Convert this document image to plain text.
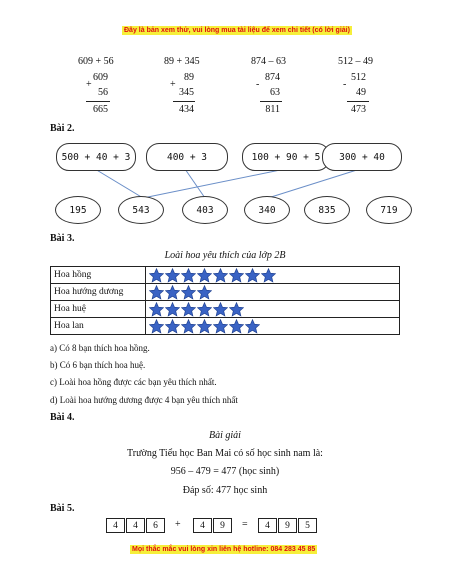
Đây là bản xem thử, vui lòng mua tài liệu để xem chi tiết (có lời giải)
609 + 56
609
+
56
665
89 + 345
89
+
345
434
874 – 63
874
-
63
811
512 – 49
512
-
49
473
Bài 2.
500 + 40 + 3	400 + 3	100 + 90 + 5	300 + 40
195	543	403	340	835	719
Bài 3.
Loài hoa yêu thích của lớp 2B
Hoa hồng	

Hoa hướng dương	

Hoa huệ	

Hoa lan	
a) Có 8 bạn thích hoa hồng.
b) Có 6 bạn thích hoa huệ.
c) Loài hoa hồng được các bạn yêu thích nhất.
d) Loài hoa hướng dương được 4 bạn yêu thích nhất
Bài 4.
Bài giải
Trường Tiểu học Ban Mai có số học sinh nam là:
956 – 479 = 477 (học sinh)
Đáp số: 477 học sinh
Bài 5.
4	4	6	+	4	9	=	4	9	5
Mọi thắc mắc vui lòng xin liên hệ hotline: 084 283 45 85
